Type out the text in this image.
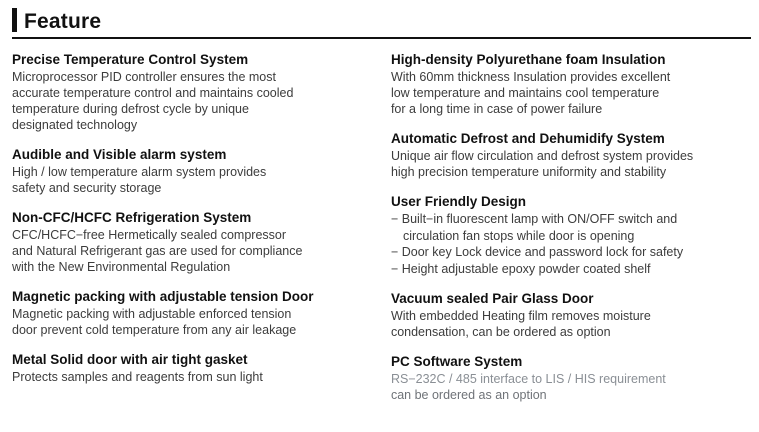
Feature
Precise Temperature Control System
Microprocessor PID controller ensures the most
accurate temperature control and maintains cooled
temperature during defrost cycle by unique
designated technology
Audible and Visible alarm system
High / low temperature alarm system provides
safety and security storage
Non-CFC/HCFC Refrigeration System
CFC/HCFC−free Hermetically sealed compressor
and Natural Refrigerant gas are used for compliance
with the New Environmental Regulation
Magnetic packing with adjustable tension Door
Magnetic packing with adjustable enforced tension
door prevent cold temperature from any air leakage
Metal Solid door with air tight gasket
Protects samples and reagents from sun light
High-density Polyurethane foam Insulation
With 60mm thickness Insulation provides excellent
low temperature and maintains cool temperature
for a long time in case of power failure
Automatic Defrost and Dehumidify System
Unique air flow circulation and defrost system provides
high precision temperature uniformity and stability
User Friendly Design
− Built−in fluorescent lamp with ON/OFF switch and
circulation fan stops while door is opening
− Door key Lock device and password lock for safety
− Height adjustable epoxy powder coated shelf
Vacuum sealed Pair Glass Door
With embedded Heating film removes moisture
condensation, can be ordered as option
PC Software System
RS−232C / 485 interface to LIS / HIS requirement
can be ordered as an option
